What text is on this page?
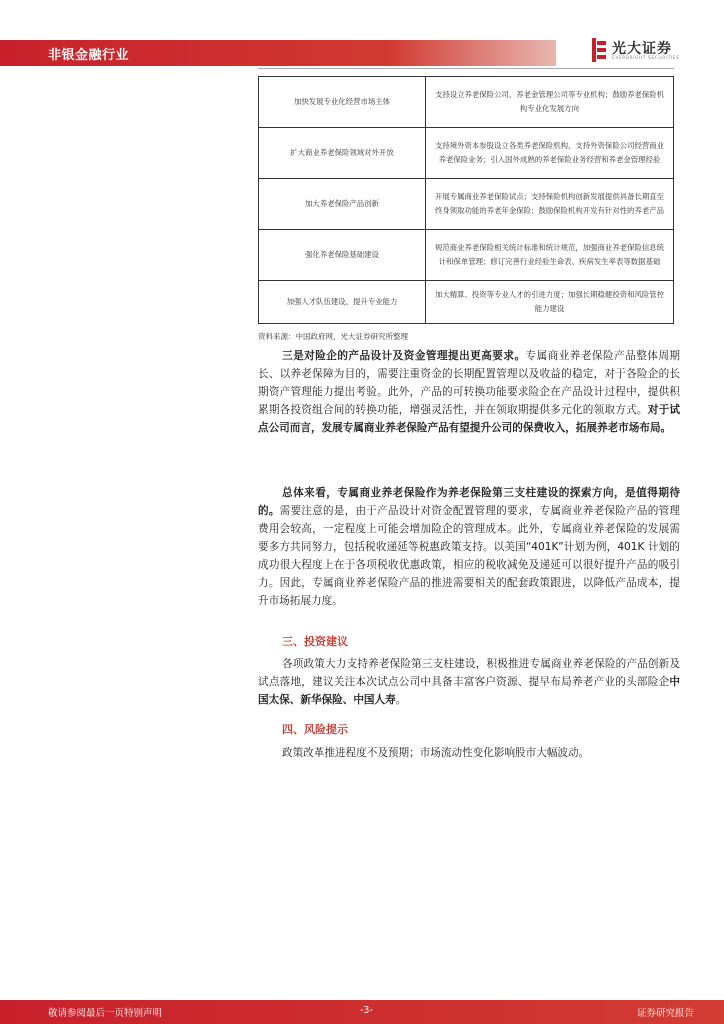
非银金融行业	光大证券
EVERBRIGHT SECURITIES
加快发展专业化经营市场主体	支持设立养老保险公司、养老金管理公司等专业机构；鼓励养老保险机构专业化发展方向
扩大商业养老保险领域对外开放	支持境外资本参股设立各类养老保险机构，支持外资保险公司经营商业养老保险业务；引入国外成熟的养老保险业务经营和养老金管理经验
加大养老保险产品创新	开展专属商业养老保险试点；支持保险机构创新发展提供具备长期直至终身领取功能的养老年金保险；鼓励保险机构开发有针对性的养老产品
强化养老保险基础建设	规范商业养老保险相关统计标准和统计规范，加强商业养老保险信息统计和保单管理；修订完善行业经验生命表、疾病发生率表等数据基础
加强人才队伍建设，提升专业能力	加大精算、投资等专业人才的引进力度；加强长期稳健投资和风险管控能力建设
资料来源：中国政府网，光大证券研究所整理
三是对险企的产品设计及资金管理提出更高要求。专属商业养老保险产品整体周期长、以养老保障为目的，需要注重资金的长期配置管理以及收益的稳定，对于各险企的长期资产管理能力提出考验。此外，产品的可转换功能要求险企在产品设计过程中，提供积累期各投资组合间的转换功能，增强灵活性，并在领取期提供多元化的领取方式。对于试点公司而言，发展专属商业养老保险产品有望提升公司的保费收入，拓展养老市场布局。
总体来看，专属商业养老保险作为养老保险第三支柱建设的探索方向，是值得期待的。需要注意的是，由于产品设计对资金配置管理的要求，专属商业养老保险产品的管理费用会较高，一定程度上可能会增加险企的管理成本。此外，专属商业养老保险的发展需要多方共同努力，包括税收递延等税惠政策支持。以美国“401K”计划为例，401K 计划的成功很大程度上在于各项税收优惠政策，相应的税收减免及递延可以很好提升产品的吸引力。因此，专属商业养老保险产品的推进需要相关的配套政策跟进，以降低产品成本，提升市场拓展力度。
三、投资建议
各项政策大力支持养老保险第三支柱建设，积极推进专属商业养老保险的产品创新及试点落地，建议关注本次试点公司中具备丰富客户资源、提早布局养老产业的头部险企中国太保、新华保险、中国人寿。
四、风险提示
政策改革推进程度不及预期；市场流动性变化影响股市大幅波动。
敬请参阅最后一页特别声明	-3-	证券研究报告
